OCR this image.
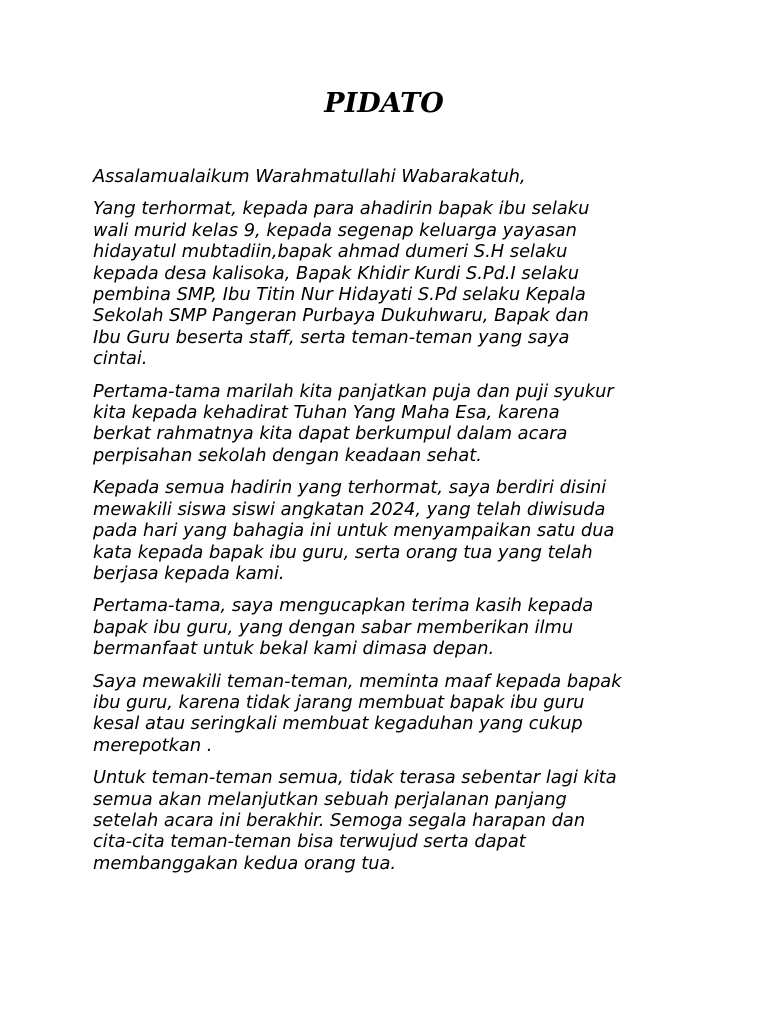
PIDATO

Assalamualaikum Warahmatullahi Wabarakatuh,

Yang terhormat, kepada para ahadirin bapak ibu selaku
wali murid kelas 9, kepada segenap keluarga yayasan
hidayatul mubtadiin,bapak ahmad dumeri S.H selaku
kepada desa kalisoka, Bapak Khidir Kurdi S.Pd.I selaku
pembina SMP, Ibu Titin Nur Hidayati S.Pd selaku Kepala
Sekolah SMP Pangeran Purbaya Dukuhwaru, Bapak dan
Ibu Guru beserta staff, serta teman-teman yang saya
cintai.

Pertama-tama marilah kita panjatkan puja dan puji syukur
kita kepada kehadirat Tuhan Yang Maha Esa, karena
berkat rahmatnya kita dapat berkumpul dalam acara
perpisahan sekolah dengan keadaan sehat.

Kepada semua hadirin yang terhormat, saya berdiri disini
mewakili siswa siswi angkatan 2024, yang telah diwisuda
pada hari yang bahagia ini untuk menyampaikan satu dua
kata kepada bapak ibu guru, serta orang tua yang telah
berjasa kepada kami.

Pertama-tama, saya mengucapkan terima kasih kepada
bapak ibu guru, yang dengan sabar memberikan ilmu
bermanfaat untuk bekal kami dimasa depan.

Saya mewakili teman-teman, meminta maaf kepada bapak
ibu guru, karena tidak jarang membuat bapak ibu guru
kesal atau seringkali membuat kegaduhan yang cukup
merepotkan .

Untuk teman-teman semua, tidak terasa sebentar lagi kita
semua akan melanjutkan sebuah perjalanan panjang
setelah acara ini berakhir. Semoga segala harapan dan
cita-cita teman-teman bisa terwujud serta dapat
membanggakan kedua orang tua.
